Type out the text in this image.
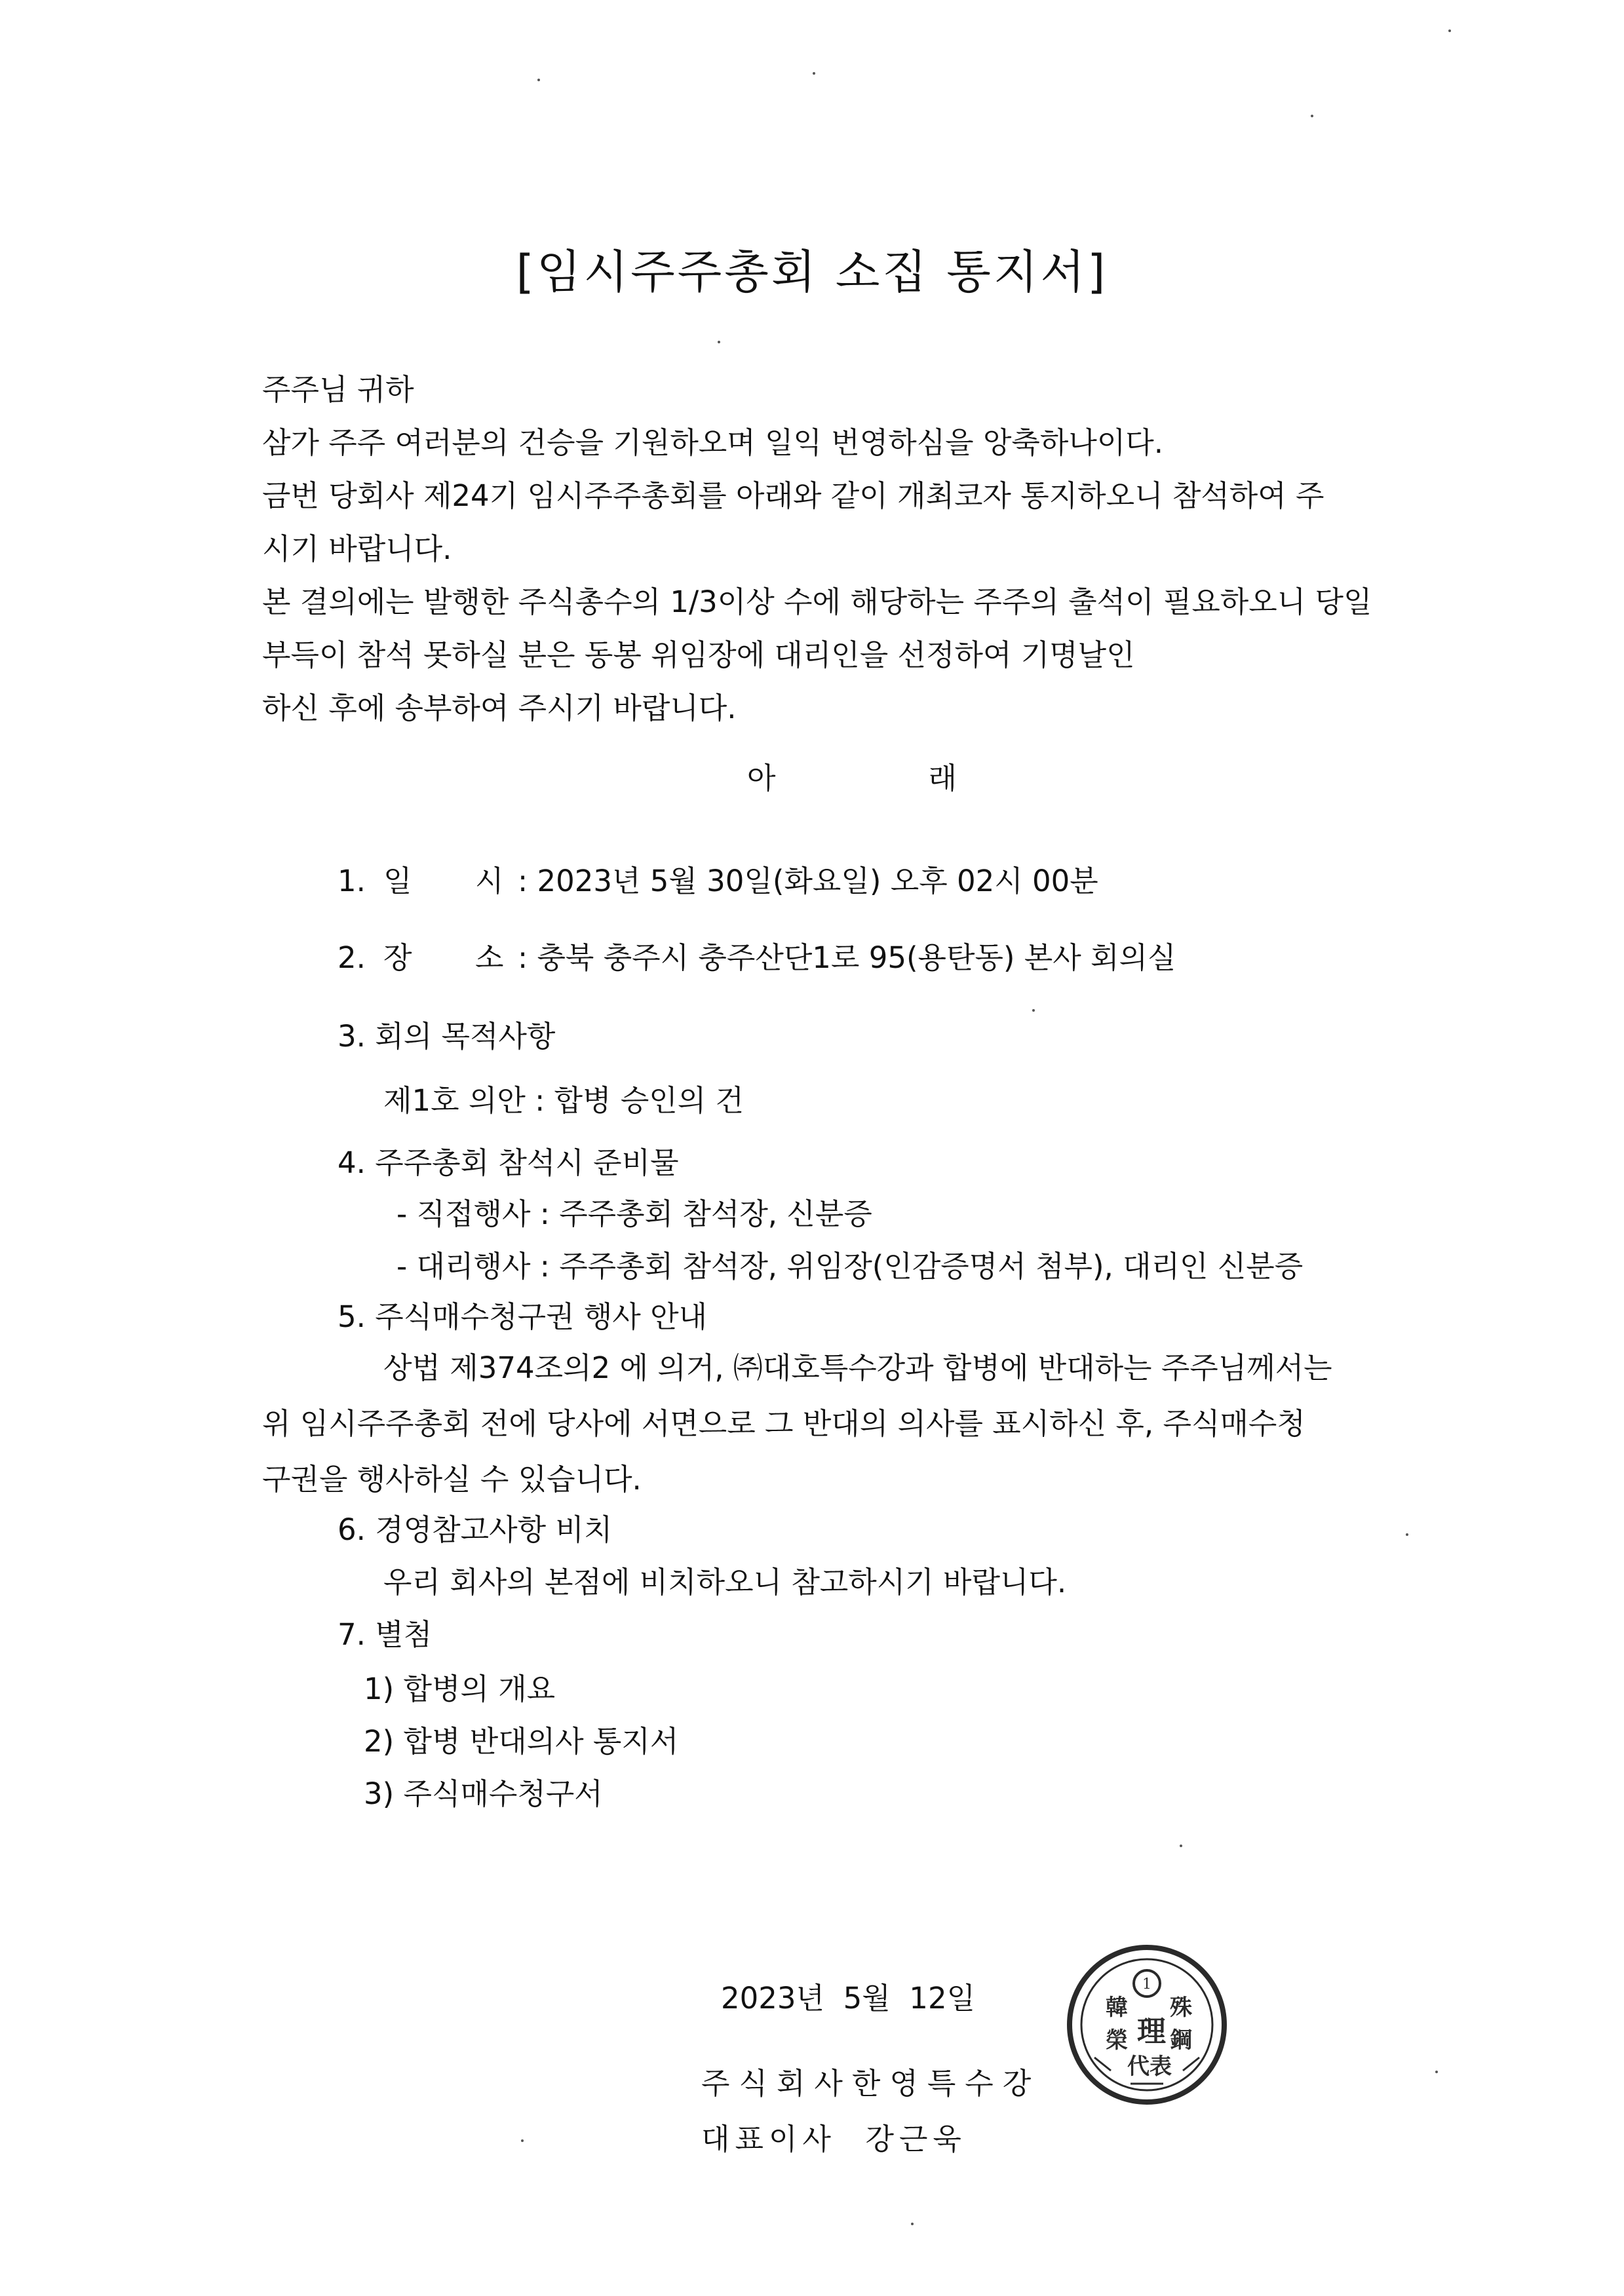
[임시주주총회 소집 통지서]
주주님 귀하
삼가 주주 여러분의 건승을 기원하오며 일익 번영하심을 앙축하나이다.
금번 당회사 제24기 임시주주총회를 아래와 같이 개최코자 통지하오니 참석하여 주
시기 바랍니다.
본 결의에는 발행한 주식총수의 1/3이상 수에 해당하는 주주의 출석이 필요하오니 당일
부득이 참석 못하실 분은 동봉 위임장에 대리인을 선정하여 기명날인
하신 후에 송부하여 주시기 바랍니다.
아	래
1. 일 시 : 2023년 5월 30일(화요일) 오후 02시 00분
2. 장 소 : 충북 충주시 충주산단1로 95(용탄동) 본사 회의실
3. 회의 목적사항
제1호 의안 : 합병 승인의 건
4. 주주총회 참석시 준비물
- 직접행사 : 주주총회 참석장, 신분증
- 대리행사 : 주주총회 참석장, 위임장(인감증명서 첨부), 대리인 신분증
5. 주식매수청구권 행사 안내
상법 제374조의2 에 의거, ㈜대호특수강과 합병에 반대하는 주주님께서는
위 임시주주총회 전에 당사에 서면으로 그 반대의 의사를 표시하신 후, 주식매수청
구권을 행사하실 수 있습니다.
6. 경영참고사항 비치
우리 회사의 본점에 비치하오니 참고하시기 바랍니다.
7. 별첨
1) 합병의 개요
2) 합병 반대의사 통지서
3) 주식매수청구서
2023년  5월  12일
주식회사한영특수강
대표이사  강근욱
1
韓 殊
榮 理 鋼
代表
